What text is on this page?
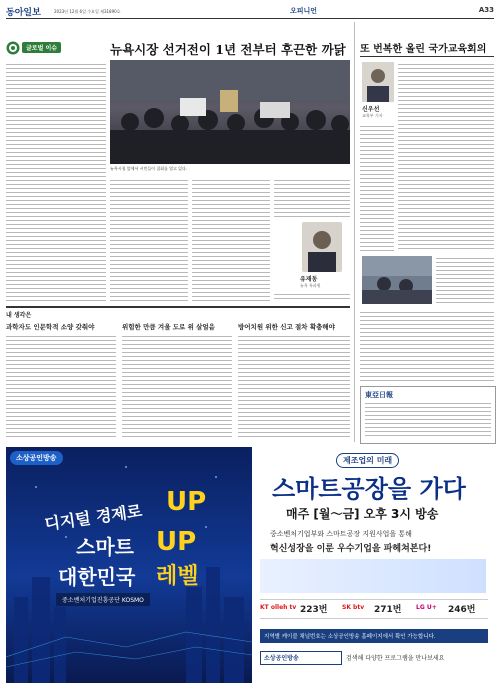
동아일보	2023년 12월 6일 수요일 제31890호	오피니언	A33
글로벌 이슈	뉴욕시장 선거전이 1년 전부터 후끈한 까닭
뉴욕시청 앞에서 시민들이 집회를 열고 있다.
유재동
뉴욕 특파원
또 번복한 올린 국가교육회의
신우선
교육부 기자
東亞日報
내 생각은
과학자도 인문학적 소양 갖춰야	위험한 만큼 겨울 도로 위 살얼음	방어치원 위한 신고 절차 확충해야
소상공인방송
디지털 경제로 UP
스마트 UP
대한민국 레벨
중소벤처기업진흥공단 KOSMO
제조업의 미래
스마트공장을 가다
매주 [월～금] 오후 3시 방송
중소벤처기업부와 스마트공장 지원사업을 통해
혁신성장을 이룬 우수기업을 파헤쳐본다!
KT olleh tv 223번 SK btv 271번 LG U+ 246번
지역별 케이블 채널번호는 소상공인방송 홈페이지에서 확인 가능합니다.
소상공인방송	검색해 다양한 프로그램을 만나보세요
